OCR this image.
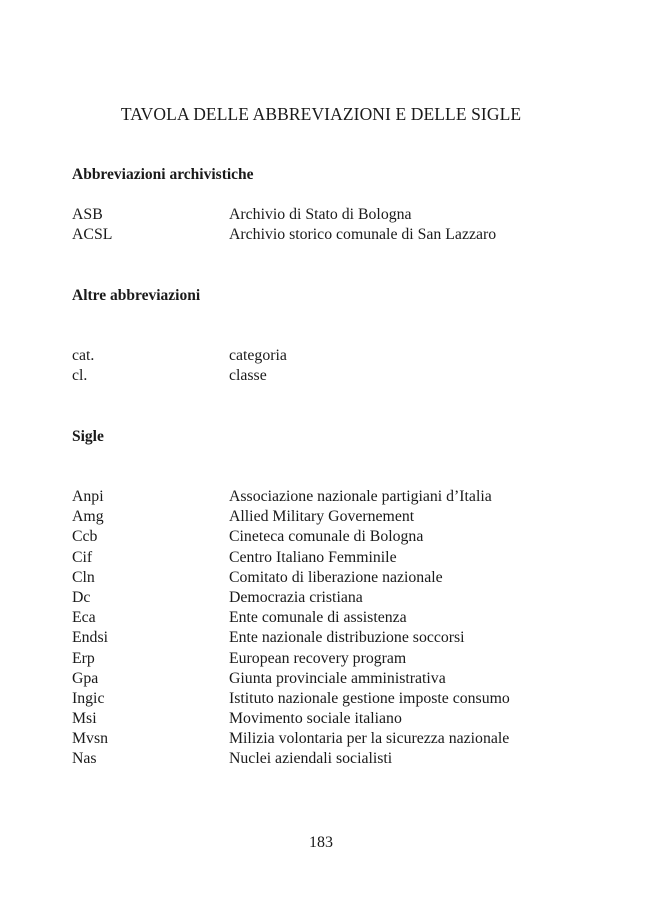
TAVOLA DELLE ABBREVIAZIONI E DELLE SIGLE
Abbreviazioni archivistiche
ASB	Archivio di Stato di Bologna
ACSL	Archivio storico comunale di San Lazzaro
Altre abbreviazioni
cat.	categoria
cl.	classe
Sigle
Anpi	Associazione nazionale partigiani d’Italia
Amg	Allied Military Governement
Ccb	Cineteca comunale di Bologna
Cif	Centro Italiano Femminile
Cln	Comitato di liberazione nazionale
Dc	Democrazia cristiana
Eca	Ente comunale di assistenza
Endsi	Ente nazionale distribuzione soccorsi
Erp	European recovery program
Gpa	Giunta provinciale amministrativa
Ingic	Istituto nazionale gestione imposte consumo
Msi	Movimento sociale italiano
Mvsn	Milizia volontaria per la sicurezza nazionale
Nas	Nuclei aziendali socialisti
183
